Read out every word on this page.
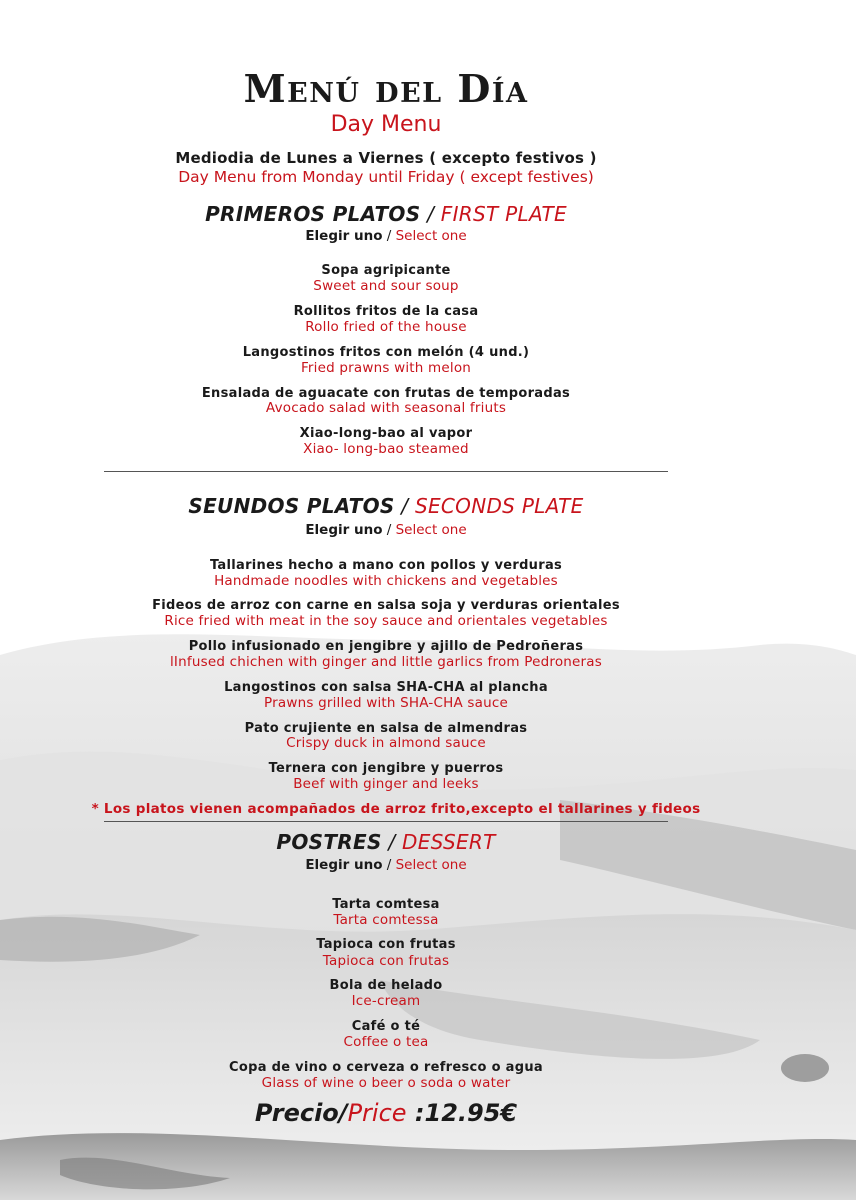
Menú del Día
Day Menu
Mediodia de Lunes a Viernes ( excepto festivos )
Day Menu from Monday until Friday ( except festives)
PRIMEROS PLATOS / FIRST PLATE
Elegir uno / Select one
Sopa agripicante
Sweet and sour soup
Rollitos fritos de la casa
Rollo fried of the house
Langostinos fritos con melón (4 und.)
Fried prawns with melon
Ensalada de aguacate con frutas de temporadas
Avocado salad with seasonal friuts
Xiao-long-bao al vapor
Xiao- long-bao steamed
SEUNDOS PLATOS / SECONDS PLATE
Elegir uno / Select one
Tallarines hecho a mano con pollos y verduras
Handmade noodles with chickens and vegetables
Fideos de arroz con carne en salsa soja y verduras orientales
Rice fried with meat in the soy sauce and orientales vegetables
Pollo infusionado en jengibre y ajillo de Pedroñeras
lInfused chichen with ginger and little garlics from Pedroneras
Langostinos con salsa SHA-CHA al plancha
Prawns grilled with SHA-CHA sauce
Pato crujiente en salsa de almendras
Crispy duck in almond sauce
Ternera con jengibre y puerros
Beef with ginger and leeks
* Los platos vienen acompañados de arroz frito,excepto el tallarines y fideos
POSTRES / DESSERT
Elegir uno / Select one
Tarta comtesa
Tarta comtessa
Tapioca con frutas
Tapioca con frutas
Bola de helado
Ice-cream
Café o té
Coffee o tea
Copa de vino o cerveza o refresco o agua
Glass of wine o beer o soda o water
Precio/Price :12.95€
